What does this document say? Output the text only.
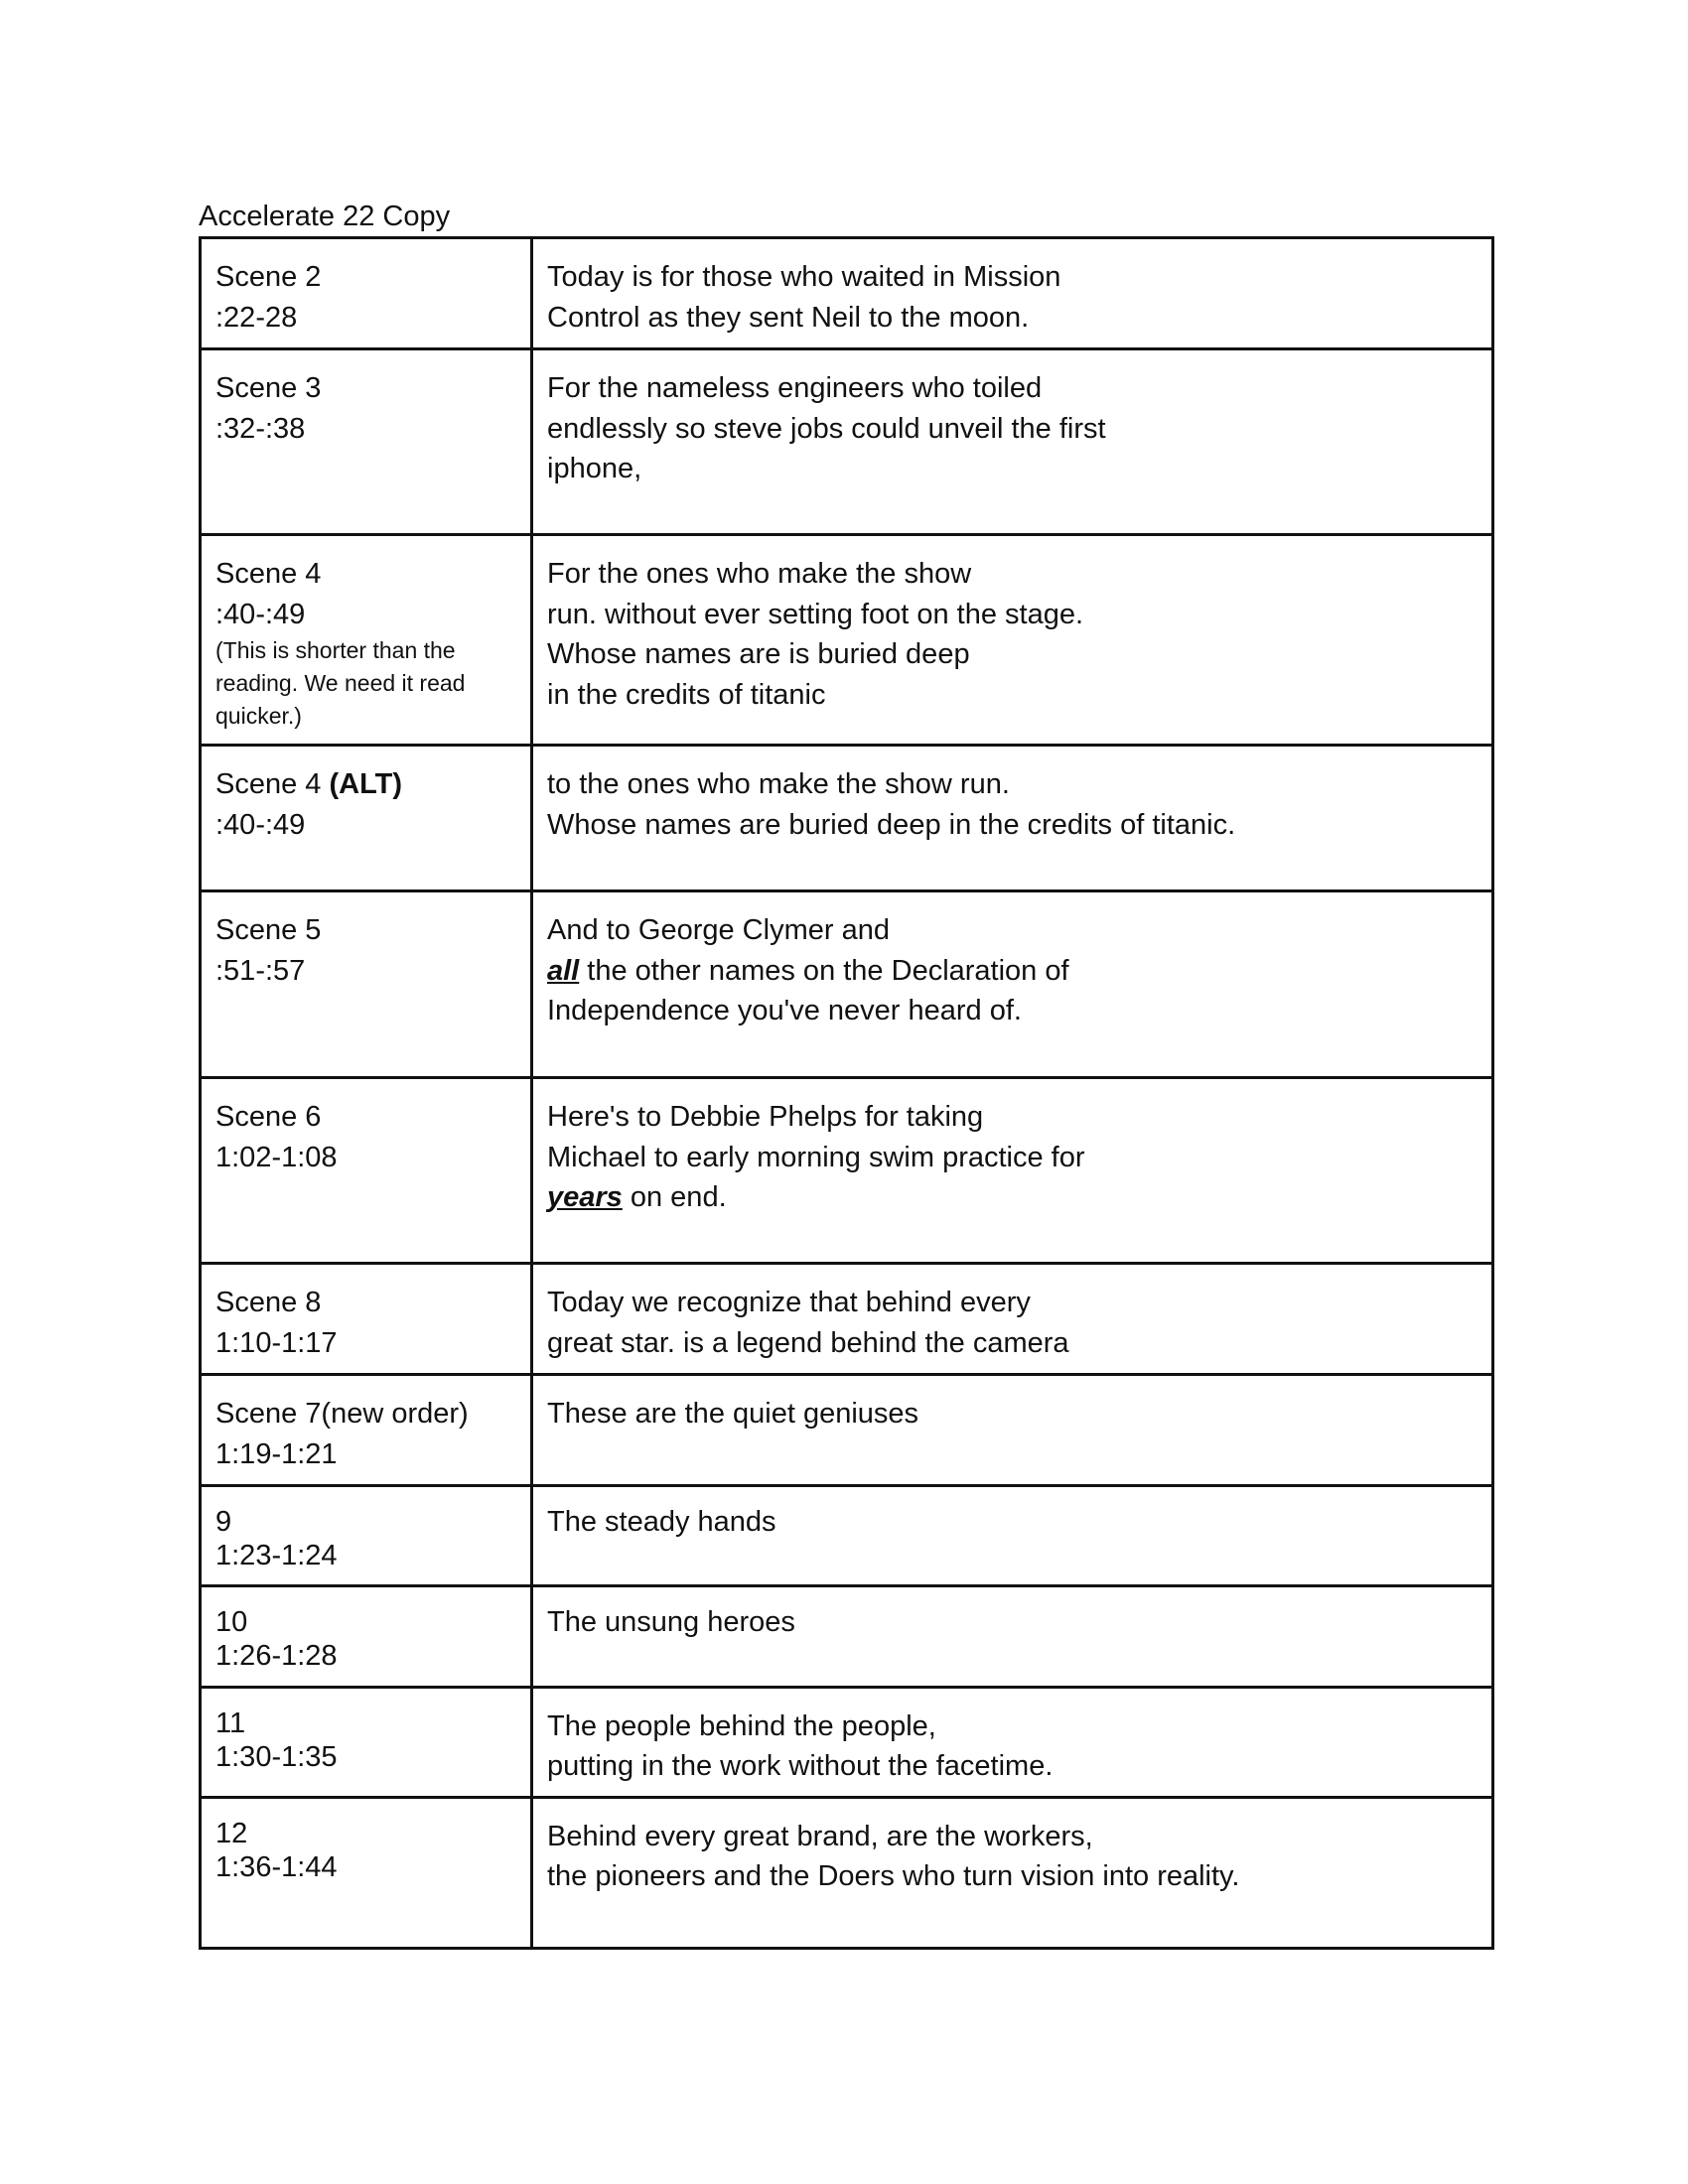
Accelerate 22 Copy
Scene 2
:22-28	Today is for those who waited in Mission
Control as they sent Neil to the moon.

Scene 3
:32-:38	For the nameless engineers who toiled
endlessly so steve jobs could unveil the first
iphone,

Scene 4
:40-:49
(This is shorter than the reading. We need it read quicker.)	For the ones who make the show
run. without ever setting foot on the stage.
Whose names are is buried deep
in the credits of titanic

Scene 4 (ALT)
:40-:49	to the ones who make the show run.
Whose names are buried deep in the credits of titanic.

Scene 5
:51-:57	And to George Clymer and
all the other names on the Declaration of
Independence you've never heard of.

Scene 6
1:02-1:08	Here's to Debbie Phelps for taking
Michael to early morning swim practice for
years on end.

Scene 8
1:10-1:17	Today we recognize that behind every
great star. is a legend behind the camera

Scene 7(new order)
1:19-1:21	These are the quiet geniuses

9
1:23-1:24	The steady hands

10
1:26-1:28	The unsung heroes

11
1:30-1:35	The people behind the people,
putting in the work without the facetime.

12
1:36-1:44	Behind every great brand, are the workers,
the pioneers and the Doers who turn vision into reality.
